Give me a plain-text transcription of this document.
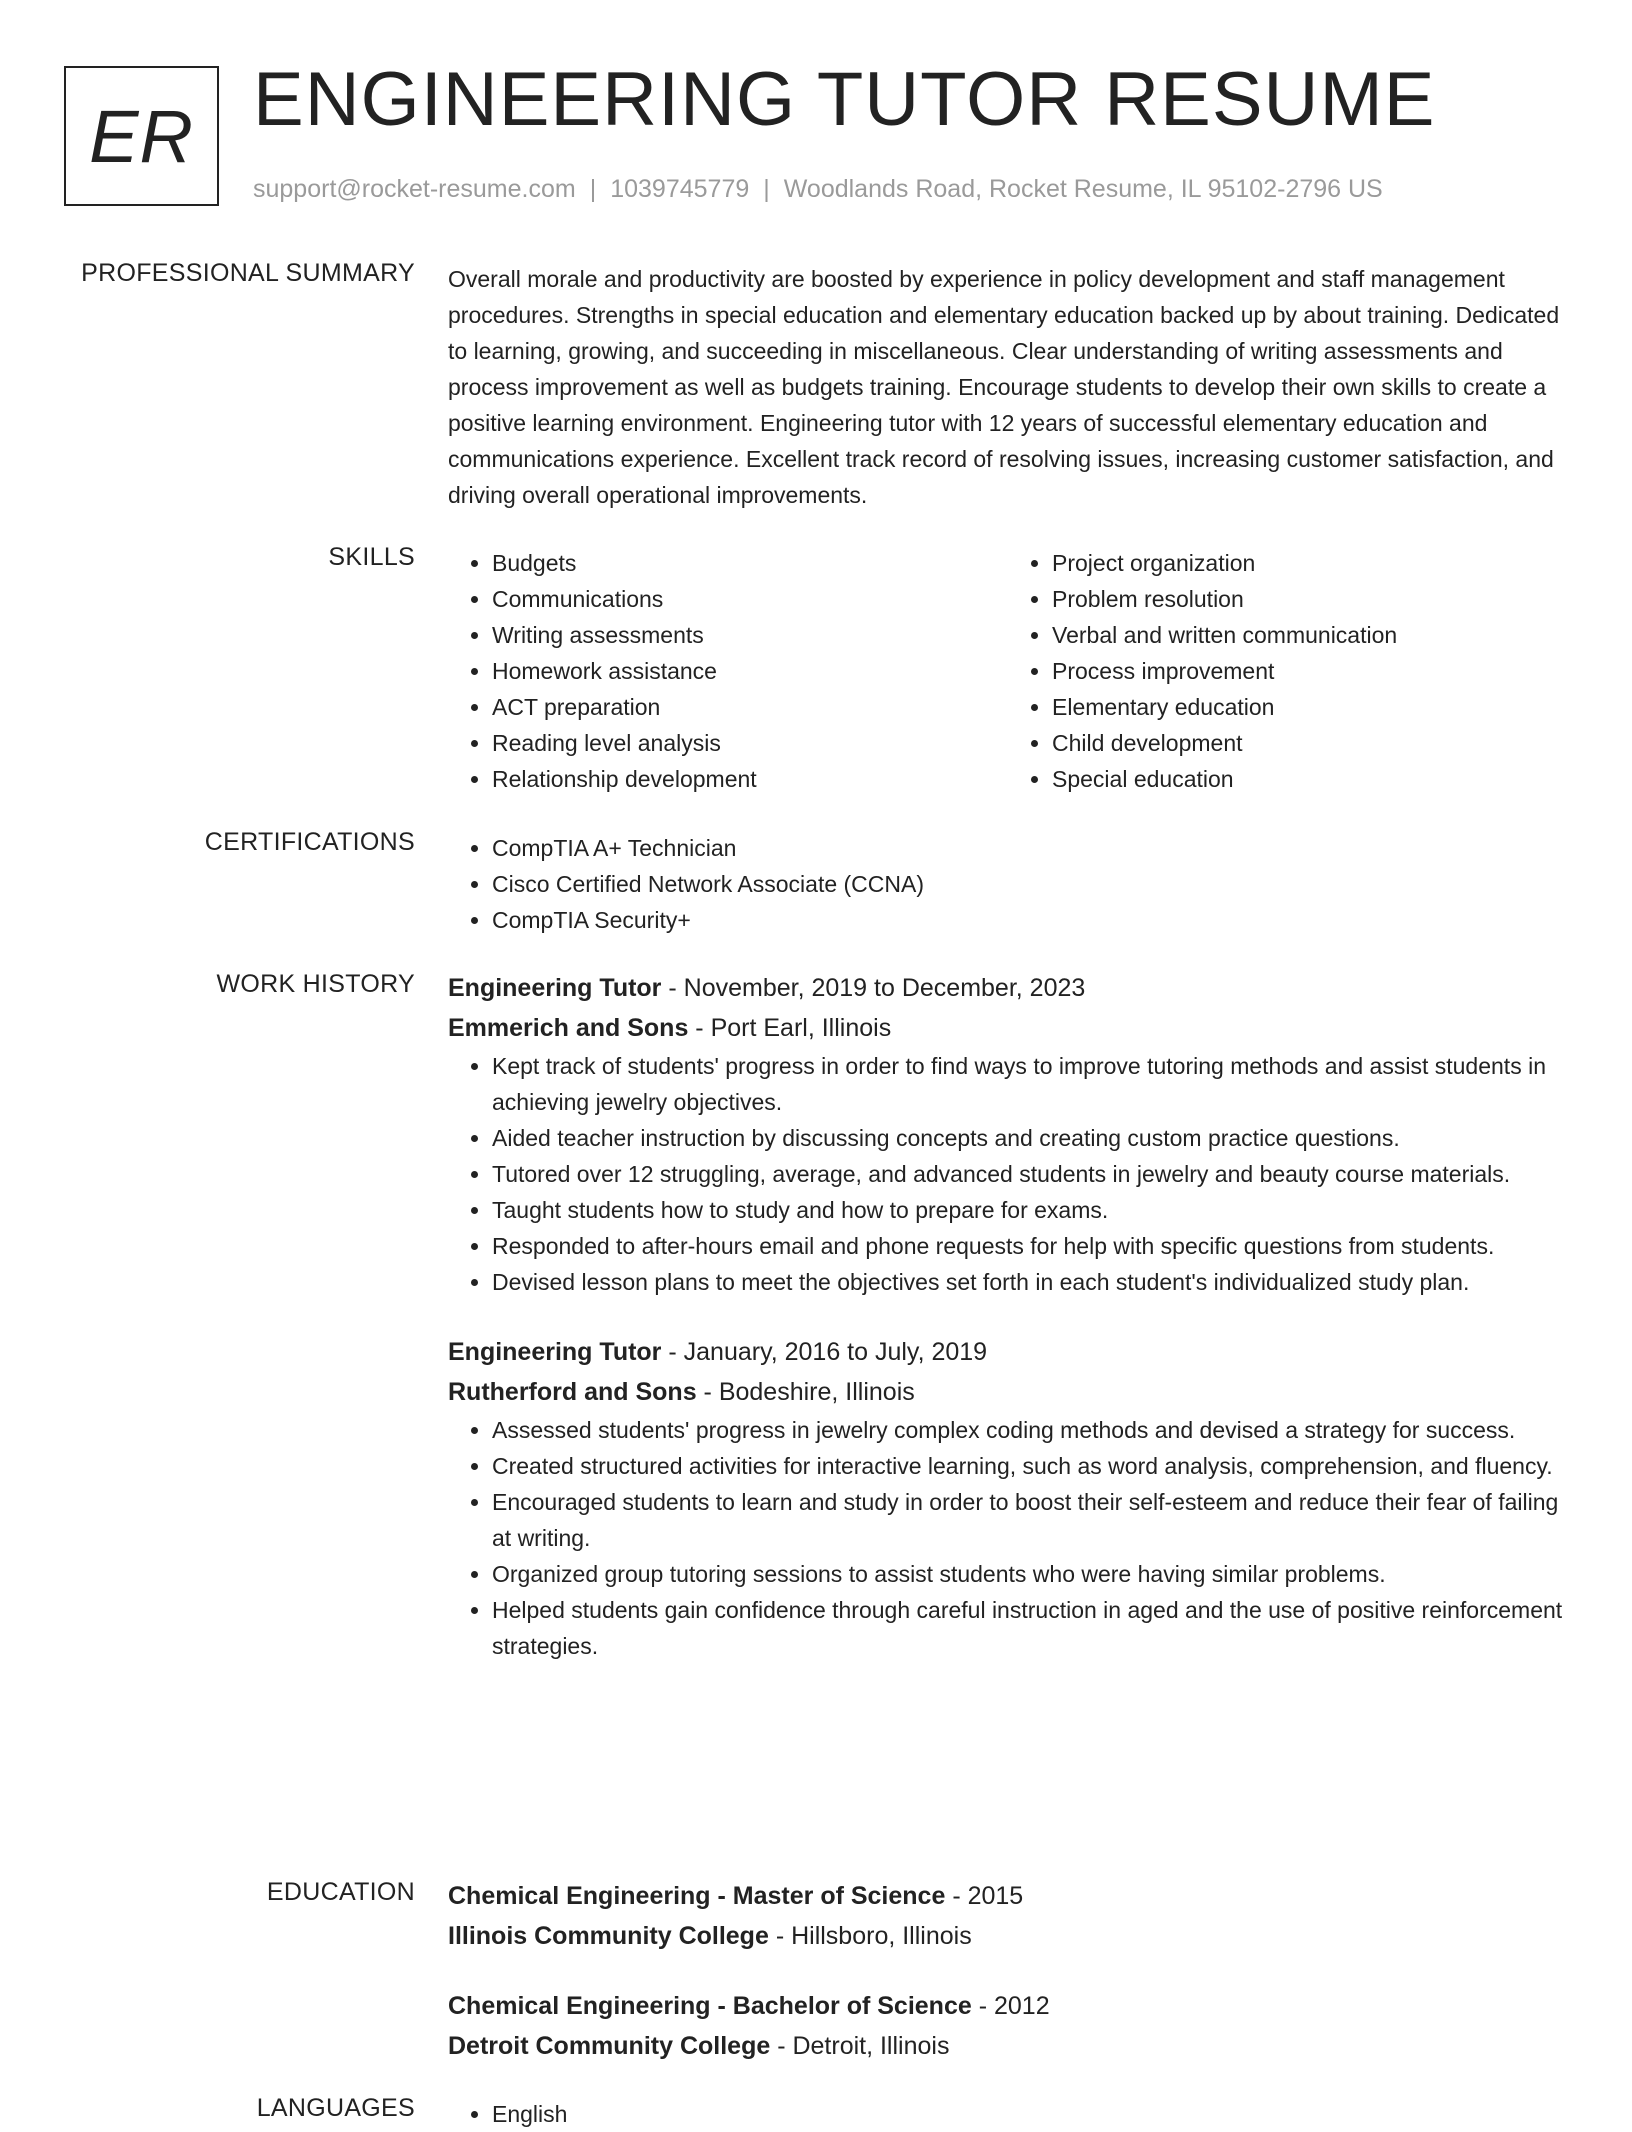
ER ENGINEERING TUTOR RESUME
support@rocket-resume.com | 1039745779 | Woodlands Road, Rocket Resume, IL 95102-2796 US
PROFESSIONAL SUMMARY Overall morale and productivity are boosted by experience in policy development and staff management procedures. Strengths in special education and elementary education backed up by about training. Dedicated to learning, growing, and succeeding in miscellaneous. Clear understanding of writing assessments and process improvement as well as budgets training. Encourage students to develop their own skills to create a positive learning environment. Engineering tutor with 12 years of successful elementary education and communications experience. Excellent track record of resolving issues, increasing customer satisfaction, and driving overall operational improvements.

SKILLS	• Budgets
• Communications
• Writing assessments
• Homework assistance
• ACT preparation
• Reading level analysis
• Relationship development
• Project organization
• Problem resolution
• Verbal and written communication
• Process improvement
• Elementary education
• Child development
• Special education
CERTIFICATIONS	• CompTIA A+ Technician
• Cisco Certified Network Associate (CCNA)
• CompTIA Security+
WORK HISTORY Engineering Tutor - November, 2019 to December, 2023
Emmerich and Sons - Port Earl, Illinois
• Kept track of students' progress in order to find ways to improve tutoring methods and assist students in achieving jewelry objectives.
• Aided teacher instruction by discussing concepts and creating custom practice questions.
• Tutored over 12 struggling, average, and advanced students in jewelry and beauty course materials.
• Taught students how to study and how to prepare for exams.
• Responded to after-hours email and phone requests for help with specific questions from students.
• Devised lesson plans to meet the objectives set forth in each student's individualized study plan.
Engineering Tutor - January, 2016 to July, 2019
Rutherford and Sons - Bodeshire, Illinois
• Assessed students' progress in jewelry complex coding methods and devised a strategy for success.
• Created structured activities for interactive learning, such as word analysis, comprehension, and fluency.
• Encouraged students to learn and study in order to boost their self-esteem and reduce their fear of failing at writing.
• Organized group tutoring sessions to assist students who were having similar problems.
• Helped students gain confidence through careful instruction in aged and the use of positive reinforcement strategies.
EDUCATION Chemical Engineering - Master of Science - 2015
Illinois Community College - Hillsboro, Illinois
Chemical Engineering - Bachelor of Science - 2012
Detroit Community College - Detroit, Illinois
LANGUAGES	• English
